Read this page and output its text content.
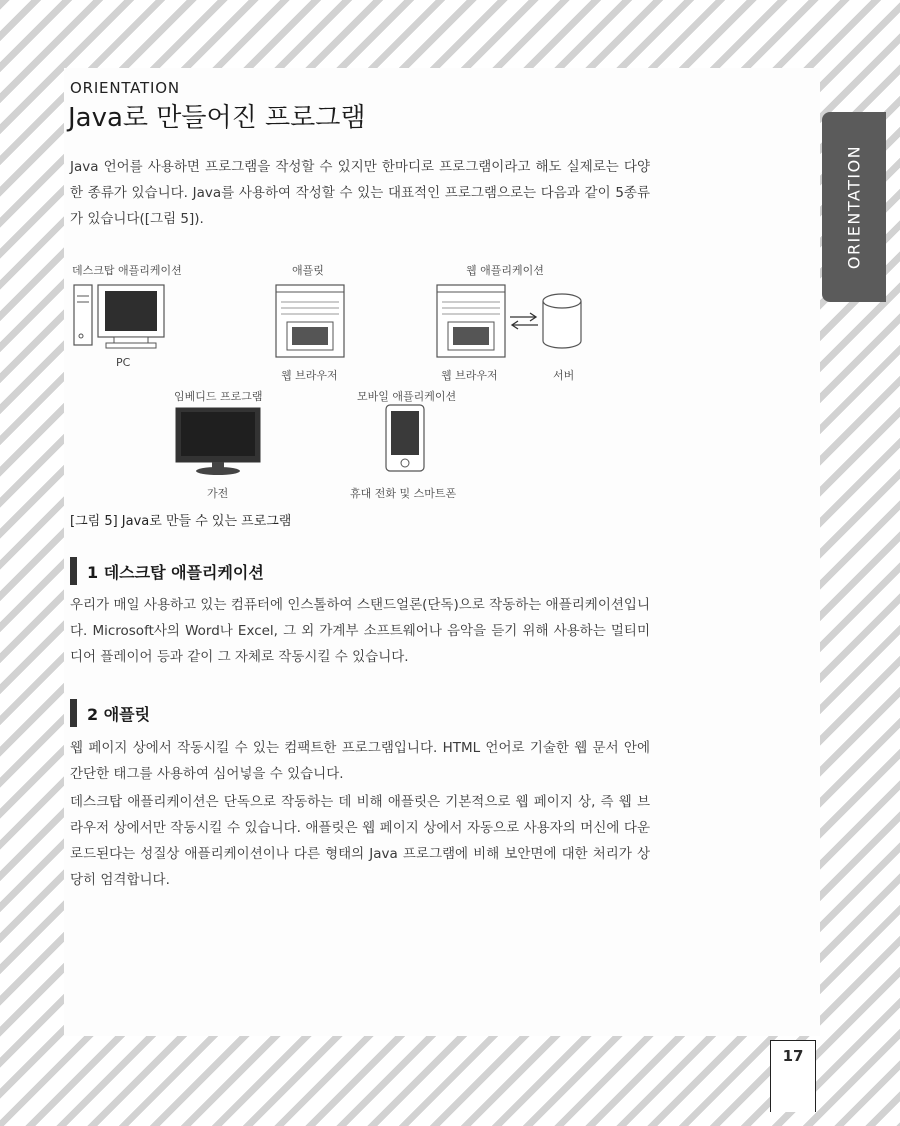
ORIENTATION
ORIENTATION
Java로 만들어진 프로그램

Java 언어를 사용하면 프로그램을 작성할 수 있지만 한마디로 프로그램이라고 해도 실제로는 다양한 종류가 있습니다. Java를 사용하여 작성할 수 있는 대표적인 프로그램으로는 다음과 같이 5종류가 있습니다([그림 5]).

데스크탑 애플리케이션
PC
애플릿
웹 브라우저
웹 애플리케이션
웹 브라우저	서버
임베디드 프로그램
가전
모바일 애플리케이션
휴대 전화 및 스마트폰
[그림 5] Java로 만들 수 있는 프로그램
1 데스크탑 애플리케이션

우리가 매일 사용하고 있는 컴퓨터에 인스톨하여 스탠드얼론(단독)으로 작동하는 애플리케이션입니다. Microsoft사의 Word나 Excel, 그 외 가계부 소프트웨어나 음악을 듣기 위해 사용하는 멀티미디어 플레이어 등과 같이 그 자체로 작동시킬 수 있습니다.

2 애플릿

웹 페이지 상에서 작동시킬 수 있는 컴팩트한 프로그램입니다. HTML 언어로 기술한 웹 문서 안에 간단한 태그를 사용하여 심어넣을 수 있습니다.

데스크탑 애플리케이션은 단독으로 작동하는 데 비해 애플릿은 기본적으로 웹 페이지 상, 즉 웹 브라우저 상에서만 작동시킬 수 있습니다. 애플릿은 웹 페이지 상에서 자동으로 사용자의 머신에 다운로드된다는 성질상 애플리케이션이나 다른 형태의 Java 프로그램에 비해 보안면에 대한 처리가 상당히 엄격합니다.

17
